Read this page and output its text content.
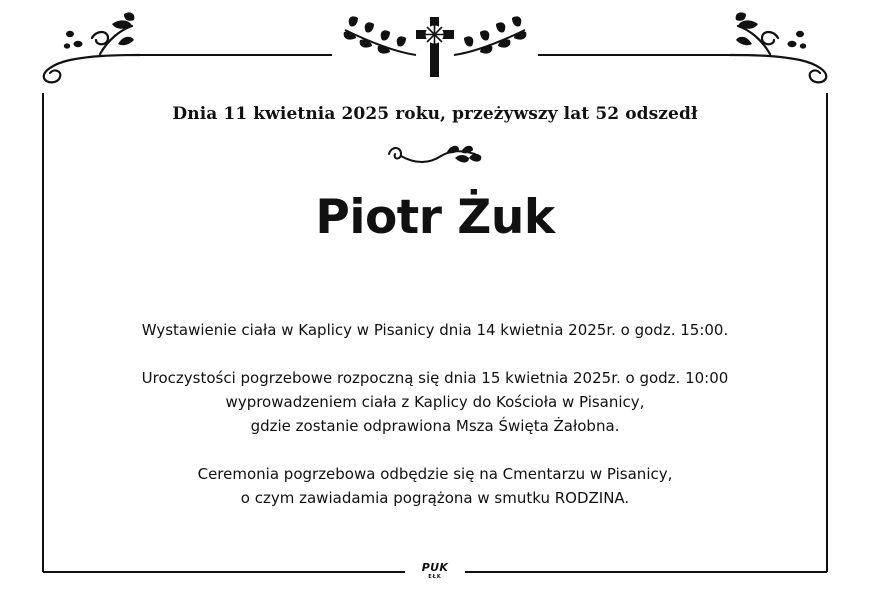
Dnia 11 kwietnia 2025 roku, przeżywszy lat 52 odszedł
Piotr Żuk

Wystawienie ciała w Kaplicy w Pisanicy dnia 14 kwietnia 2025r. o godz. 15:00.

Uroczystości pogrzebowe rozpoczną się dnia 15 kwietnia 2025r. o godz. 10:00
wyprowadzeniem ciała z Kaplicy do Kościoła w Pisanicy,
gdzie zostanie odprawiona Msza Święta Żałobna.

Ceremonia pogrzebowa odbędzie się na Cmentarzu w Pisanicy,
o czym zawiadamia pogrążona w smutku RODZINA.

PUK
EŁK
